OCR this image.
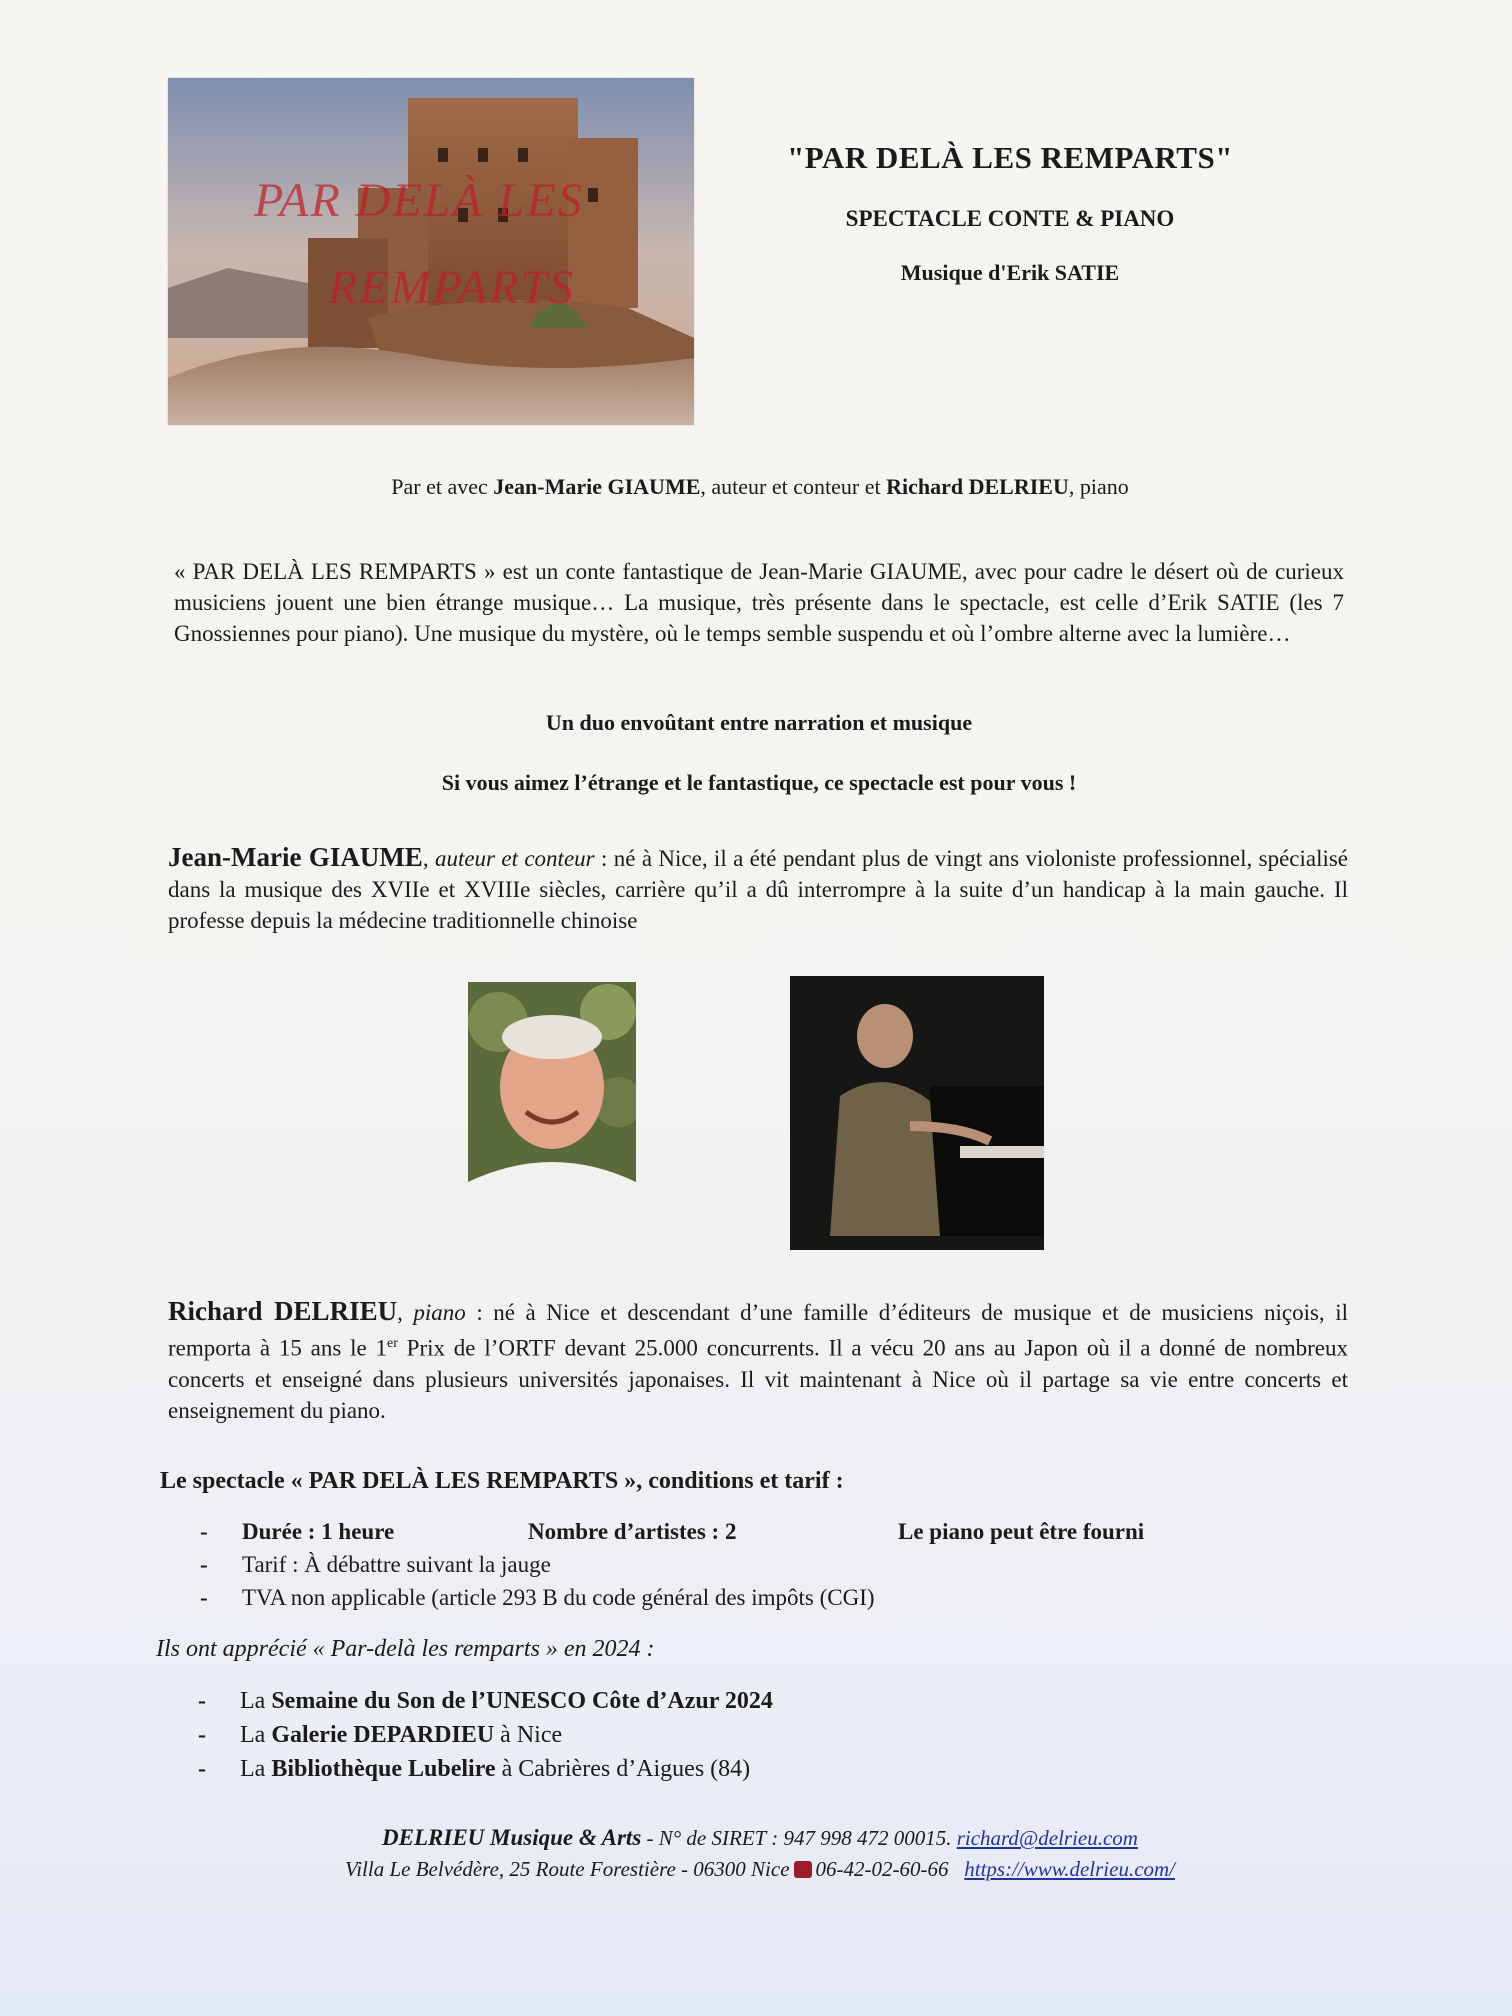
PAR DELÀ LES
REMPARTS
"PAR DELÀ LES REMPARTS"
SPECTACLE CONTE & PIANO
Musique d'Erik SATIE
Par et avec Jean-Marie GIAUME, auteur et conteur et Richard DELRIEU, piano
« PAR DELÀ LES REMPARTS » est un conte fantastique de Jean-Marie GIAUME, avec pour cadre le désert où de curieux musiciens jouent une bien étrange musique… La musique, très présente dans le spectacle, est celle d’Erik SATIE (les 7 Gnossiennes pour piano). Une musique du mystère, où le temps semble suspendu et où l’ombre alterne avec la lumière…
Un duo envoûtant entre narration et musique
Si vous aimez l’étrange et le fantastique, ce spectacle est pour vous !
Jean-Marie GIAUME, auteur et conteur : né à Nice, il a été pendant plus de vingt ans violoniste professionnel, spécialisé dans la musique des XVIIe et XVIIIe siècles, carrière qu’il a dû interrompre à la suite d’un handicap à la main gauche. Il professe depuis la médecine traditionnelle chinoise
Richard DELRIEU, piano : né à Nice et descendant d’une famille d’éditeurs de musique et de musiciens niçois, il remporta à 15 ans le 1er Prix de l’ORTF devant 25.000 concurrents. Il a vécu 20 ans au Japon où il a donné de nombreux concerts et enseigné dans plusieurs universités japonaises. Il vit maintenant à Nice où il partage sa vie entre concerts et enseignement du piano.
Le spectacle « PAR DELÀ LES REMPARTS », conditions et tarif :
- Durée : 1 heure	Nombre d’artistes : 2	Le piano peut être fourni
- Tarif : À débattre suivant la jauge
- TVA non applicable (article 293 B du code général des impôts (CGI)
Ils ont apprécié « Par-delà les remparts » en 2024 :
- La Semaine du Son de l’UNESCO Côte d’Azur 2024
- La Galerie DEPARDIEU à Nice
- La Bibliothèque Lubelire à Cabrières d’Aigues (84)
DELRIEU Musique & Arts - N° de SIRET : 947 998 472 00015. richard@delrieu.com
Villa Le Belvédère, 25 Route Forestière - 06300 Nice 06-42-02-60-66 https://www.delrieu.com/
